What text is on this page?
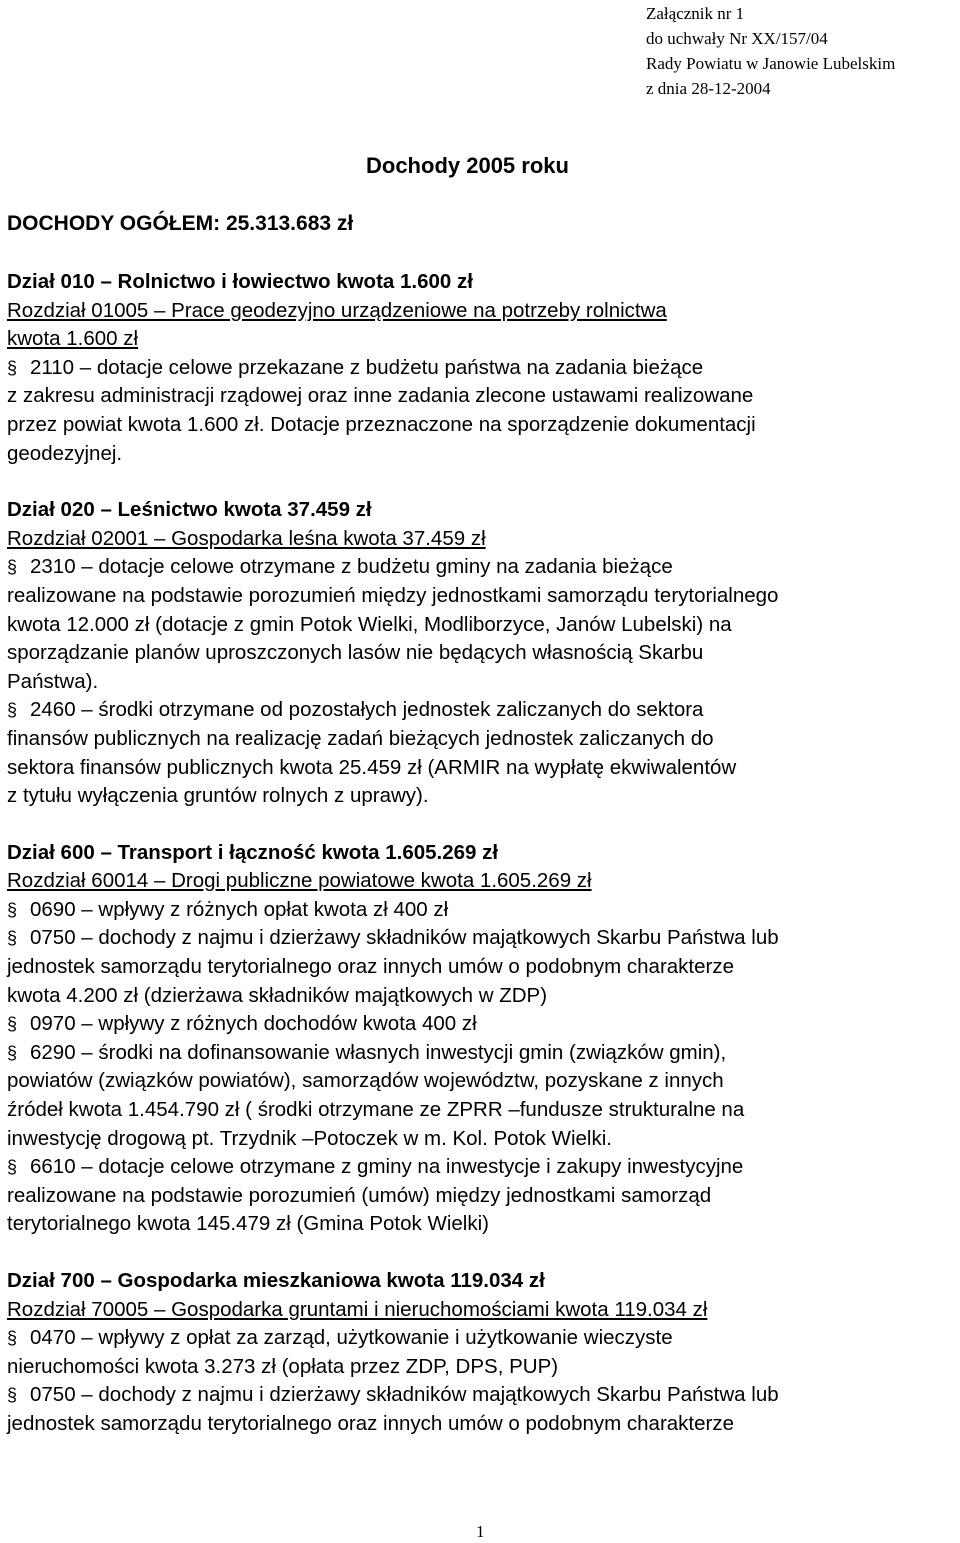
Załącznik nr 1
do uchwały Nr XX/157/04
Rady Powiatu w Janowie Lubelskim
z dnia 28-12-2004
Dochody 2005 roku
DOCHODY OGÓŁEM: 25.313.683 zł

Dział 010 – Rolnictwo i łowiectwo kwota 1.600 zł

Rozdział 01005 – Prace geodezyjno urządzeniowe na potrzeby rolnictwa

kwota 1.600 zł

§ 2110 – dotacje celowe przekazane z budżetu państwa na zadania bieżące

z zakresu administracji rządowej oraz inne zadania zlecone ustawami realizowane

przez powiat kwota 1.600 zł. Dotacje przeznaczone na sporządzenie dokumentacji

geodezyjnej.

Dział 020 – Leśnictwo kwota 37.459 zł

Rozdział 02001 – Gospodarka leśna kwota 37.459 zł

§ 2310 – dotacje celowe otrzymane z budżetu gminy na zadania bieżące

realizowane na podstawie porozumień między jednostkami samorządu terytorialnego

kwota 12.000 zł (dotacje z gmin Potok Wielki, Modliborzyce, Janów Lubelski) na

sporządzanie planów uproszczonych lasów nie będących własnością Skarbu

Państwa).

§ 2460 – środki otrzymane od pozostałych jednostek zaliczanych do sektora

finansów publicznych na realizację zadań bieżących jednostek zaliczanych do

sektora finansów publicznych kwota 25.459 zł (ARMIR na wypłatę ekwiwalentów

z tytułu wyłączenia gruntów rolnych z uprawy).

Dział 600 – Transport i łączność kwota 1.605.269 zł

Rozdział 60014 – Drogi publiczne powiatowe kwota 1.605.269 zł

§ 0690 – wpływy z różnych opłat kwota zł 400 zł

§ 0750 – dochody z najmu i dzierżawy składników majątkowych Skarbu Państwa lub

jednostek samorządu terytorialnego oraz innych umów o podobnym charakterze

kwota 4.200 zł (dzierżawa składników majątkowych w ZDP)

§ 0970 – wpływy z różnych dochodów kwota 400 zł

§ 6290 – środki na dofinansowanie własnych inwestycji gmin (związków gmin),

powiatów (związków powiatów), samorządów województw, pozyskane z innych

źródeł kwota 1.454.790 zł ( środki otrzymane ze ZPRR –fundusze strukturalne na

inwestycję drogową pt. Trzydnik –Potoczek w m. Kol. Potok Wielki.

§ 6610 – dotacje celowe otrzymane z gminy na inwestycje i zakupy inwestycyjne

realizowane na podstawie porozumień (umów) między jednostkami samorząd

terytorialnego kwota 145.479 zł (Gmina Potok Wielki)

Dział 700 – Gospodarka mieszkaniowa kwota 119.034 zł

Rozdział 70005 – Gospodarka gruntami i nieruchomościami kwota 119.034 zł

§ 0470 – wpływy z opłat za zarząd, użytkowanie i użytkowanie wieczyste

nieruchomości kwota 3.273 zł (opłata przez ZDP, DPS, PUP)

§ 0750 – dochody z najmu i dzierżawy składników majątkowych Skarbu Państwa lub

jednostek samorządu terytorialnego oraz innych umów o podobnym charakterze

1
